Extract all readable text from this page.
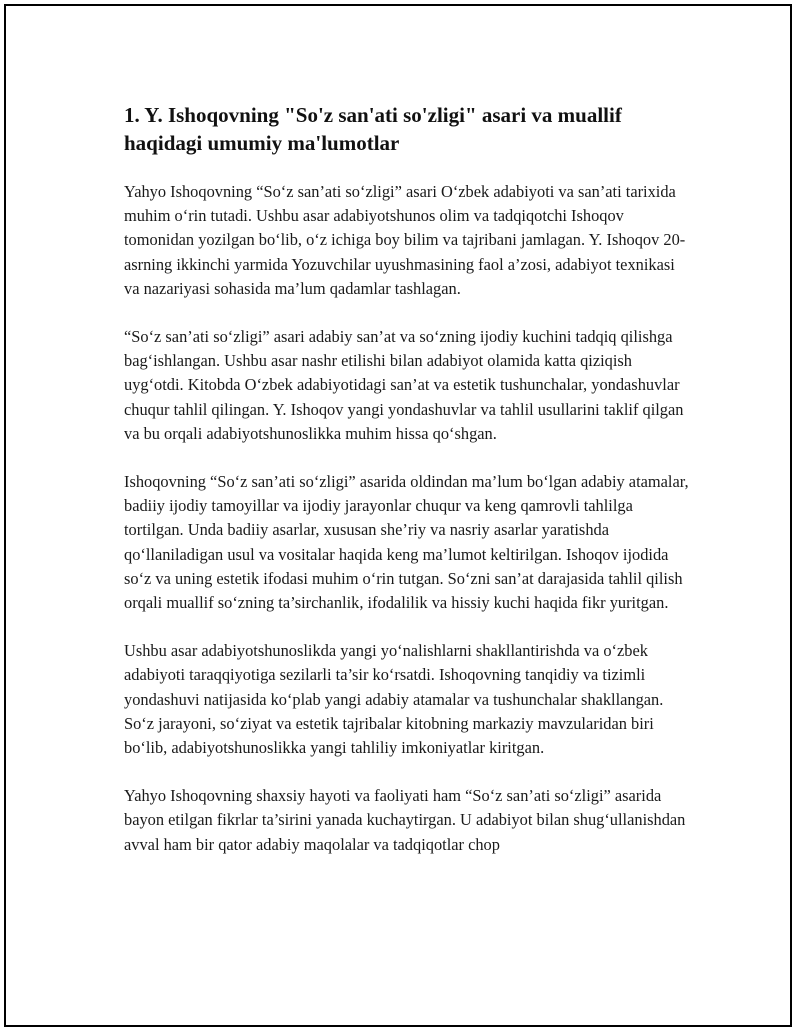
1. Y. Ishoqovning "So'z san'ati so'zligi" asari va muallif haqidagi umumiy ma'lumotlar

Yahyo Ishoqovning “So‘z san’ati so‘zligi” asari O‘zbek adabiyoti va san’ati tarixida muhim o‘rin tutadi. Ushbu asar adabiyotshunos olim va tadqiqotchi Ishoqov tomonidan yozilgan bo‘lib, o‘z ichiga boy bilim va tajribani jamlagan. Y. Ishoqov 20-asrning ikkinchi yarmida Yozuvchilar uyushmasining faol a’zosi, adabiyot texnikasi va nazariyasi sohasida ma’lum qadamlar tashlagan.

“So‘z san’ati so‘zligi” asari adabiy san’at va so‘zning ijodiy kuchini tadqiq qilishga bag‘ishlangan. Ushbu asar nashr etilishi bilan adabiyot olamida katta qiziqish uyg‘otdi. Kitobda O‘zbek adabiyotidagi san’at va estetik tushunchalar, yondashuvlar chuqur tahlil qilingan. Y. Ishoqov yangi yondashuvlar va tahlil usullarini taklif qilgan va bu orqali adabiyotshunoslikka muhim hissa qo‘shgan.

Ishoqovning “So‘z san’ati so‘zligi” asarida oldindan ma’lum bo‘lgan adabiy atamalar, badiiy ijodiy tamoyillar va ijodiy jarayonlar chuqur va keng qamrovli tahlilga tortilgan. Unda badiiy asarlar, xususan she’riy va nasriy asarlar yaratishda qo‘llaniladigan usul va vositalar haqida keng ma’lumot keltirilgan. Ishoqov ijodida so‘z va uning estetik ifodasi muhim o‘rin tutgan. So‘zni san’at darajasida tahlil qilish orqali muallif so‘zning ta’sirchanlik, ifodalilik va hissiy kuchi haqida fikr yuritgan.

Ushbu asar adabiyotshunoslikda yangi yo‘nalishlarni shakllantirishda va o‘zbek adabiyoti taraqqiyotiga sezilarli ta’sir ko‘rsatdi. Ishoqovning tanqidiy va tizimli yondashuvi natijasida ko‘plab yangi adabiy atamalar va tushunchalar shakllangan. So‘z jarayoni, so‘ziyat va estetik tajribalar kitobning markaziy mavzularidan biri bo‘lib, adabiyotshunoslikka yangi tahliliy imkoniyatlar kiritgan.

Yahyo Ishoqovning shaxsiy hayoti va faoliyati ham “So‘z san’ati so‘zligi” asarida bayon etilgan fikrlar ta’sirini yanada kuchaytirgan. U adabiyot bilan shug‘ullanishdan avval ham bir qator adabiy maqolalar va tadqiqotlar chop
